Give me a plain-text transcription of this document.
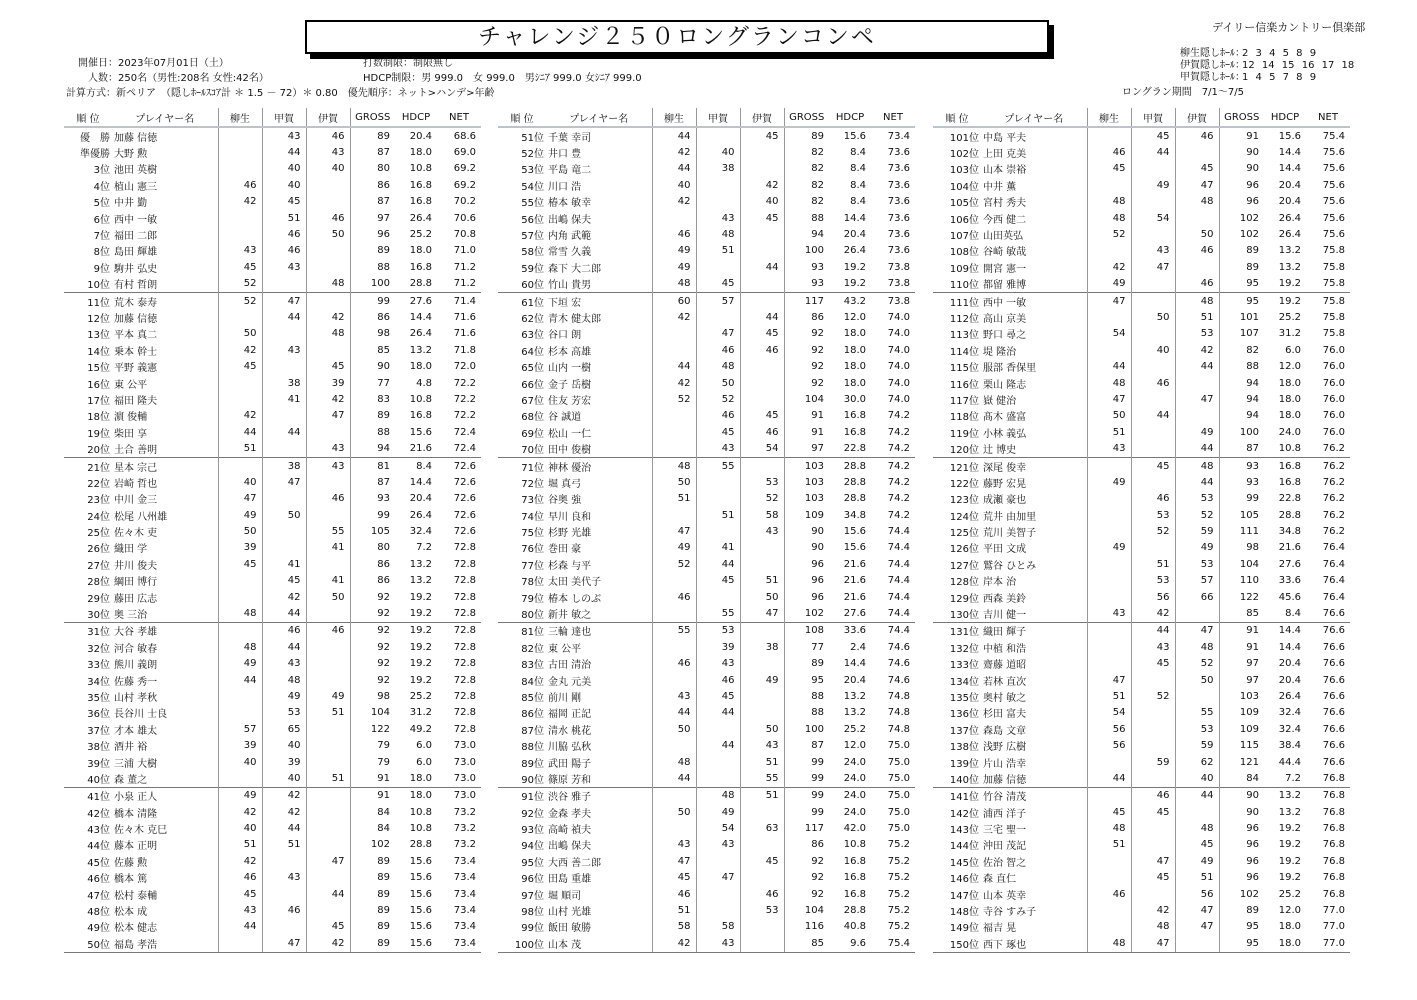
チャレンジ２５０ロングランコンペ	デイリー信楽カントリー倶楽部
開催日：2023年07月01日（土）
人数：250名（男性:208名 女性:42名）
計算方式：新ペリア　（隠しﾎｰﾙｽｺｱ計 ＊ 1.5 － 72）＊ 0.80　優先順序：ネット>ハンデ>年齢
打数制限：制限無し
HDCP制限：男 999.0　女 999.0　男ｼﾆｱ 999.0 女ｼﾆｱ 999.0
柳生隠しﾎｰﾙ：2 3 4 5 8 9
伊賀隠しﾎｰﾙ：12 14 15 16 17 18
甲賀隠しﾎｰﾙ：1 4 5 7 8 9
ロングラン期間　7/1～7/5
順 位	プレイヤー名	柳生	甲賀	伊賀	GROSS	HDCP	NET
優　勝	加藤 信徳		43	46	89	20.4	68.6
準優勝	大野 勲		44	43	87	18.0	69.0
3位	池田 英樹		40	40	80	10.8	69.2
4位	植山 憲三	46	40		86	16.8	69.2
5位	中井 勤	42	45		87	16.8	70.2
6位	西中 一敏		51	46	97	26.4	70.6
7位	福田 二郎		46	50	96	25.2	70.8
8位	島田 輝雄	43	46		89	18.0	71.0
9位	駒井 弘史	45	43		88	16.8	71.2
10位	有村 哲朗	52		48	100	28.8	71.2
11位	荒木 泰寿	52	47		99	27.6	71.4
12位	加藤 信徳		44	42	86	14.4	71.6
13位	平本 真二	50		48	98	26.4	71.6
14位	乗本 幹士	42	43		85	13.2	71.8
15位	平野 義憲	45		45	90	18.0	72.0
16位	東 公平		38	39	77	4.8	72.2
17位	福田 隆夫		41	42	83	10.8	72.2
18位	濵 俊輔	42		47	89	16.8	72.2
19位	柴田 享	44	44		88	15.6	72.4
20位	土合 善明	51		43	94	21.6	72.4
21位	星本 宗己		38	43	81	8.4	72.6
22位	岩崎 哲也	40	47		87	14.4	72.6
23位	中川 金三	47		46	93	20.4	72.6
24位	松尾 八州雄	49	50		99	26.4	72.6
25位	佐々木 吏	50		55	105	32.4	72.6
26位	織田 学	39		41	80	7.2	72.8
27位	井川 俊夫	45	41		86	13.2	72.8
28位	綱田 博行		45	41	86	13.2	72.8
29位	藤田 広志		42	50	92	19.2	72.8
30位	奥 三治	48	44		92	19.2	72.8
31位	大谷 孝雄		46	46	92	19.2	72.8
32位	河合 敏春	48	44		92	19.2	72.8
33位	熊川 義朗	49	43		92	19.2	72.8
34位	佐藤 秀一	44	48		92	19.2	72.8
35位	山村 孝秋		49	49	98	25.2	72.8
36位	長谷川 士良		53	51	104	31.2	72.8
37位	才本 雄太	57	65		122	49.2	72.8
38位	酒井 裕	39	40		79	6.0	73.0
39位	三浦 大樹	40	39		79	6.0	73.0
40位	森 董之		40	51	91	18.0	73.0
41位	小泉 正人	49	42		91	18.0	73.0
42位	橋本 清隆	42	42		84	10.8	73.2
43位	佐々木 克巳	40	44		84	10.8	73.2
44位	藤本 正明	51	51		102	28.8	73.2
45位	佐藤 勲	42		47	89	15.6	73.4
46位	橋本 篤	46	43		89	15.6	73.4
47位	松村 泰輔	45		44	89	15.6	73.4
48位	松本 成	43	46		89	15.6	73.4
49位	松本 健志	44		45	89	15.6	73.4
50位	福島 孝浩		47	42	89	15.6	73.4
順 位	プレイヤー名	柳生	甲賀	伊賀	GROSS	HDCP	NET
51位	千葉 幸司	44		45	89	15.6	73.4
52位	井口 豊	42	40		82	8.4	73.6
53位	平島 竜二	44	38		82	8.4	73.6
54位	川口 浩	40		42	82	8.4	73.6
55位	椿本 敏幸	42		40	82	8.4	73.6
56位	出嶋 保夫		43	45	88	14.4	73.6
57位	内角 武範	46	48		94	20.4	73.6
58位	常雪 久義	49	51		100	26.4	73.6
59位	森下 大二郎	49		44	93	19.2	73.8
60位	竹山 貴男	48	45		93	19.2	73.8
61位	下垣 宏	60	57		117	43.2	73.8
62位	青木 健太郎	42		44	86	12.0	74.0
63位	谷口 朗		47	45	92	18.0	74.0
64位	杉本 高雄		46	46	92	18.0	74.0
65位	山内 一樹	44	48		92	18.0	74.0
66位	金子 岳樹	42	50		92	18.0	74.0
67位	住友 芳宏	52	52		104	30.0	74.0
68位	谷 誠道		46	45	91	16.8	74.2
69位	松山 一仁		45	46	91	16.8	74.2
70位	田中 俊樹		43	54	97	22.8	74.2
71位	神林 優治	48	55		103	28.8	74.2
72位	堀 真弓	50		53	103	28.8	74.2
73位	谷奥 強	51		52	103	28.8	74.2
74位	早川 良和		51	58	109	34.8	74.2
75位	杉野 光雄	47		43	90	15.6	74.4
76位	巻田 豪	49	41		90	15.6	74.4
77位	杉森 与平	52	44		96	21.6	74.4
78位	太田 美代子		45	51	96	21.6	74.4
79位	椿本 しのぶ	46		50	96	21.6	74.4
80位	新井 敏之		55	47	102	27.6	74.4
81位	三輪 達也	55	53		108	33.6	74.4
82位	東 公平		39	38	77	2.4	74.6
83位	古田 清治	46	43		89	14.4	74.6
84位	金丸 元美		46	49	95	20.4	74.6
85位	前川 剛	43	45		88	13.2	74.8
86位	福岡 正記	44	44		88	13.2	74.8
87位	清水 桃花	50		50	100	25.2	74.8
88位	川脇 弘秋		44	43	87	12.0	75.0
89位	武田 陽子	48		51	99	24.0	75.0
90位	篠原 芳和	44		55	99	24.0	75.0
91位	渋谷 雅子		48	51	99	24.0	75.0
92位	金森 孝夫	50	49		99	24.0	75.0
93位	高崎 禎夫		54	63	117	42.0	75.0
94位	出嶋 保夫	43	43		86	10.8	75.2
95位	大西 善二郎	47		45	92	16.8	75.2
96位	田島 重雄	45	47		92	16.8	75.2
97位	堀 順司	46		46	92	16.8	75.2
98位	山村 光雄	51		53	104	28.8	75.2
99位	飯田 敏勝	58	58		116	40.8	75.2
100位	山本 茂	42	43		85	9.6	75.4
順 位	プレイヤー名	柳生	甲賀	伊賀	GROSS	HDCP	NET
101位	中島 平夫		45	46	91	15.6	75.4
102位	上田 克美	46	44		90	14.4	75.6
103位	山本 崇裕	45		45	90	14.4	75.6
104位	中井 薫		49	47	96	20.4	75.6
105位	宮村 秀夫	48		48	96	20.4	75.6
106位	今西 健二	48	54		102	26.4	75.6
107位	山田英弘	52		50	102	26.4	75.6
108位	谷崎 敏哉		43	46	89	13.2	75.8
109位	開宮 憲一	42	47		89	13.2	75.8
110位	都留 雅博	49		46	95	19.2	75.8
111位	西中 一敏	47		48	95	19.2	75.8
112位	高山 京美		50	51	101	25.2	75.8
113位	野口 尋之	54		53	107	31.2	75.8
114位	堤 隆治		40	42	82	6.0	76.0
115位	服部 香保里	44		44	88	12.0	76.0
116位	栗山 隆志	48	46		94	18.0	76.0
117位	嶽 健治	47		47	94	18.0	76.0
118位	髙木 盛富	50	44		94	18.0	76.0
119位	小林 義弘	51		49	100	24.0	76.0
120位	辻 博史	43		44	87	10.8	76.2
121位	深尾 俊幸		45	48	93	16.8	76.2
122位	藤野 宏晃	49		44	93	16.8	76.2
123位	成瀬 豪也		46	53	99	22.8	76.2
124位	荒井 由加里		53	52	105	28.8	76.2
125位	荒川 美智子		52	59	111	34.8	76.2
126位	平田 文成	49		49	98	21.6	76.4
127位	鷲谷 ひとみ		51	53	104	27.6	76.4
128位	岸本 治		53	57	110	33.6	76.4
129位	西森 美鈴		56	66	122	45.6	76.4
130位	吉川 健一	43	42		85	8.4	76.6
131位	織田 輝子		44	47	91	14.4	76.6
132位	中植 和浩		43	48	91	14.4	76.6
133位	齋藤 道昭		45	52	97	20.4	76.6
134位	若林 直次	47		50	97	20.4	76.6
135位	奥村 敏之	51	52		103	26.4	76.6
136位	杉田 富夫	54		55	109	32.4	76.6
137位	森島 文章	56		53	109	32.4	76.6
138位	浅野 広樹	56		59	115	38.4	76.6
139位	片山 浩幸		59	62	121	44.4	76.6
140位	加藤 信徳	44		40	84	7.2	76.8
141位	竹谷 清茂		46	44	90	13.2	76.8
142位	浦西 洋子	45	45		90	13.2	76.8
143位	三宅 聖一	48		48	96	19.2	76.8
144位	沖田 茂記	51		45	96	19.2	76.8
145位	佐治 智之		47	49	96	19.2	76.8
146位	森 直仁		45	51	96	19.2	76.8
147位	山本 英幸	46		56	102	25.2	76.8
148位	寺谷 すみ子		42	47	89	12.0	77.0
149位	福吉 晃		48	47	95	18.0	77.0
150位	西下 琢也	48	47		95	18.0	77.0
